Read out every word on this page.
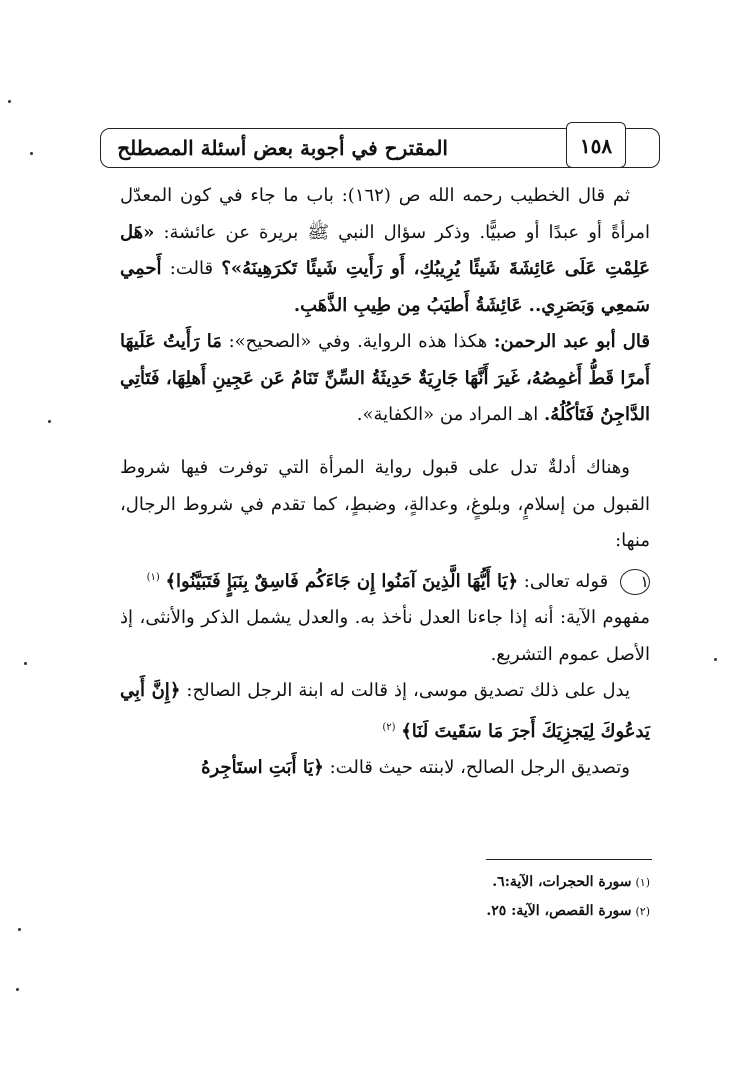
المقترح في أجوبة بعض أسئلة المصطلح	١٥٨

ثم قال الخطيب رحمه الله ص (١٦٢): باب ما جاء في كون المعدّل امرأةً أو عبدًا أو صبيًّا. وذكر سؤال النبي ﷺ بريرة عن عائشة: «هَل عَلِمْتِ عَلَى عَائِشَةَ شَيئًا يُرِيبُكِ، أَو رَأَيتِ شَيئًا تَكرَهِينَهُ»؟ قالت: أَحمِي سَمعِي وَبَصَرِي.. عَائِشَةُ أَطيَبُ مِن طِيبِ الذَّهَبِ.

قال أبو عبد الرحمن: هكذا هذه الرواية. وفي «الصحيح»: مَا رَأَيتُ عَلَيهَا أَمرًا قَطُّ أَغمِصُهُ، غَيرَ أَنَّهَا جَارِيَةٌ حَدِيثَةُ السِّنِّ تَنَامُ عَن عَجِينِ أَهلِهَا، فَتَأتِي الدَّاجِنُ فَتَأكُلُهُ. اهـ المراد من «الكفاية».

وهناك أدلةٌ تدل على قبول رواية المرأة التي توفرت فيها شروط القبول من إسلامٍ، وبلوغٍ، وعدالةٍ، وضبطٍ، كما تقدم في شروط الرجال، منها:

١ قوله تعالى: ﴿يَا أَيُّهَا الَّذِينَ آمَنُوا إِن جَاءَكُم فَاسِقٌ بِنَبَإٍ فَتَبَيَّنُوا﴾ $^{(١)}$

مفهوم الآية: أنه إذا جاءنا العدل نأخذ به. والعدل يشمل الذكر والأنثى، إذ الأصل عموم التشريع.

يدل على ذلك تصديق موسى، إذ قالت له ابنة الرجل الصالح: ﴿إِنَّ أَبِي يَدعُوكَ لِيَجزِيَكَ أَجرَ مَا سَقَيتَ لَنَا﴾ $^{(٢)}$

وتصديق الرجل الصالح، لابنته حيث قالت: ﴿يَا أَبَتِ استَأجِرهُ

(١)سورة الحجرات، الآية:٦.

(٢)سورة القصص، الآية: ٢٥.
